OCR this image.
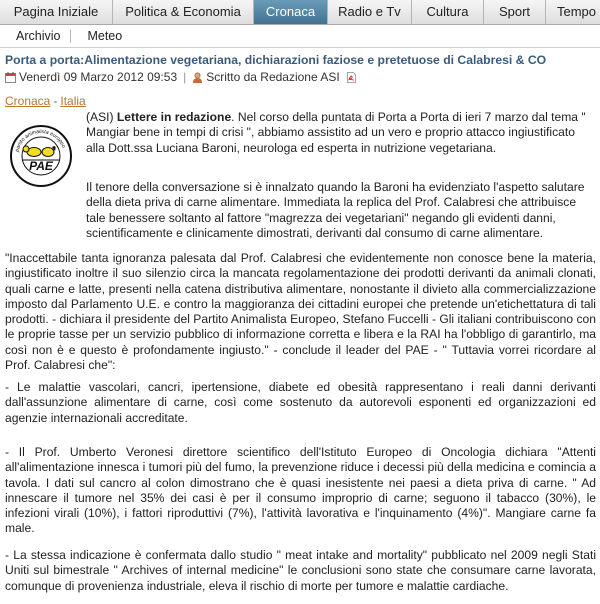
Pagina Iniziale	Politica & Economia	Cronaca	Radio e Tv	Cultura	Sport	Tempo
Archivio	Meteo
Porta a porta:Alimentazione vegetariana, dichiarazioni faziose e pretetuose di Calabresi & CO
Venerdì 09 Marzo 2012 09:53 | Scritto da Redazione ASI
Cronaca - Italia
partito animalista europeo
PAE

(ASI) Lettere in redazione. Nel corso della puntata di Porta a Porta di ieri 7 marzo dal tema " Mangiar bene in tempi di crisi ", abbiamo assistito ad un vero e proprio attacco ingiustificato alla Dott.ssa Luciana Baroni, neurologa ed esperta in nutrizione vegetariana.

Il tenore della conversazione si è innalzato quando la Baroni ha evidenziato l'aspetto salutare della dieta priva di carne alimentare. Immediata la replica del Prof. Calabresi che attribuisce tale benessere soltanto al fattore "magrezza dei vegetariani" negando gli evidenti danni, scientificamente e clinicamente dimostrati, derivanti dal consumo di carne alimentare.

"Inaccettabile tanta ignoranza palesata dal Prof. Calabresi che evidentemente non conosce bene la materia, ingiustificato inoltre il suo silenzio circa la mancata regolamentazione dei prodotti derivanti da animali clonati, quali carne e latte, presenti nella catena distributiva alimentare, nonostante il divieto alla commercializzazione imposto dal Parlamento U.E. e contro la maggioranza dei cittadini europei che pretende un'etichettatura di tali prodotti. - dichiara il presidente del Partito Animalista Europeo, Stefano Fuccelli - Gli italiani contribuiscono con le proprie tasse per un servizio pubblico di informazione corretta e libera e la RAI ha l'obbligo di garantirlo, ma così non è e questo è profondamente ingiusto." - conclude il leader del PAE - " Tuttavia vorrei ricordare al Prof. Calabresi che":

- Le malattie vascolari, cancri, ipertensione, diabete ed obesità rappresentano i reali danni derivanti dall'assunzione alimentare di carne, così come sostenuto da autorevoli esponenti ed organizzazioni ed agenzie internazionali accreditate.

- Il Prof. Umberto Veronesi direttore scientifico dell'Istituto Europeo di Oncologia dichiara "Attenti all'alimentazione innesca i tumori più del fumo, la prevenzione riduce i decessi più della medicina e comincia a tavola. I dati sul cancro al colon dimostrano che è quasi inesistente nei paesi a dieta priva di carne. " Ad innescare il tumore nel 35% dei casi è per il consumo improprio di carne; seguono il tabacco (30%), le infezioni virali (10%), i fattori riproduttivi (7%), l'attività lavorativa e l'inquinamento (4%)". Mangiare carne fa male.

- La stessa indicazione è confermata dallo studio " meat intake and mortality" pubblicato nel 2009 negli Stati Uniti sul bimestrale " Archives of internal medicine" le conclusioni sono state che consumare carne lavorata, comunque di provenienza industriale, eleva il rischio di morte per tumore e malattie cardiache.
